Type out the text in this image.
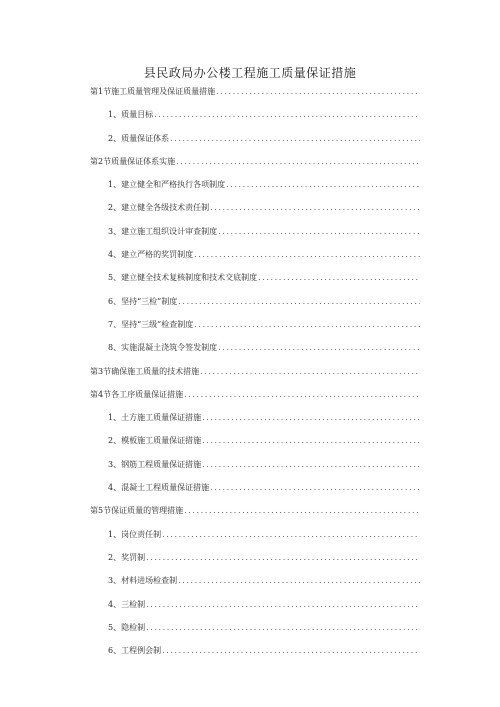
县民政局办公楼工程施工质量保证措施
第1节施工质量管理及保证质量措施
.....
1、质量目标
.....
2、质量保证体系
.....
第2节质量保证体系实施
.....
1、建立健全和严格执行各项制度
.....
2、建立健全各级技术责任制
.....
3、建立施工组织设计审查制度
.....
4、建立严格的奖罚制度
.....
5、建立健全技术复核制度和技术交底制度
.....
6、坚持“三检”制度
.....
7、坚持“三级”检查制度
.....
8、实施混凝土浇筑令签发制度
.....
第3节确保施工质量的技术措施
.....
第4节各工序质量保证措施
.....
1、土方施工质量保证措施
.....
2、模板施工质量保证措施
.....
3、钢筋工程质量保证措施
.....
4、混凝土工程质量保证措施
.....
第5节保证质量的管理措施
.....
1、岗位责任制
.....
2、奖罚制
.....
3、材料进场检查制
.....
4、三检制
.....
5、隐检制
.....
6、工程例会制
.....
